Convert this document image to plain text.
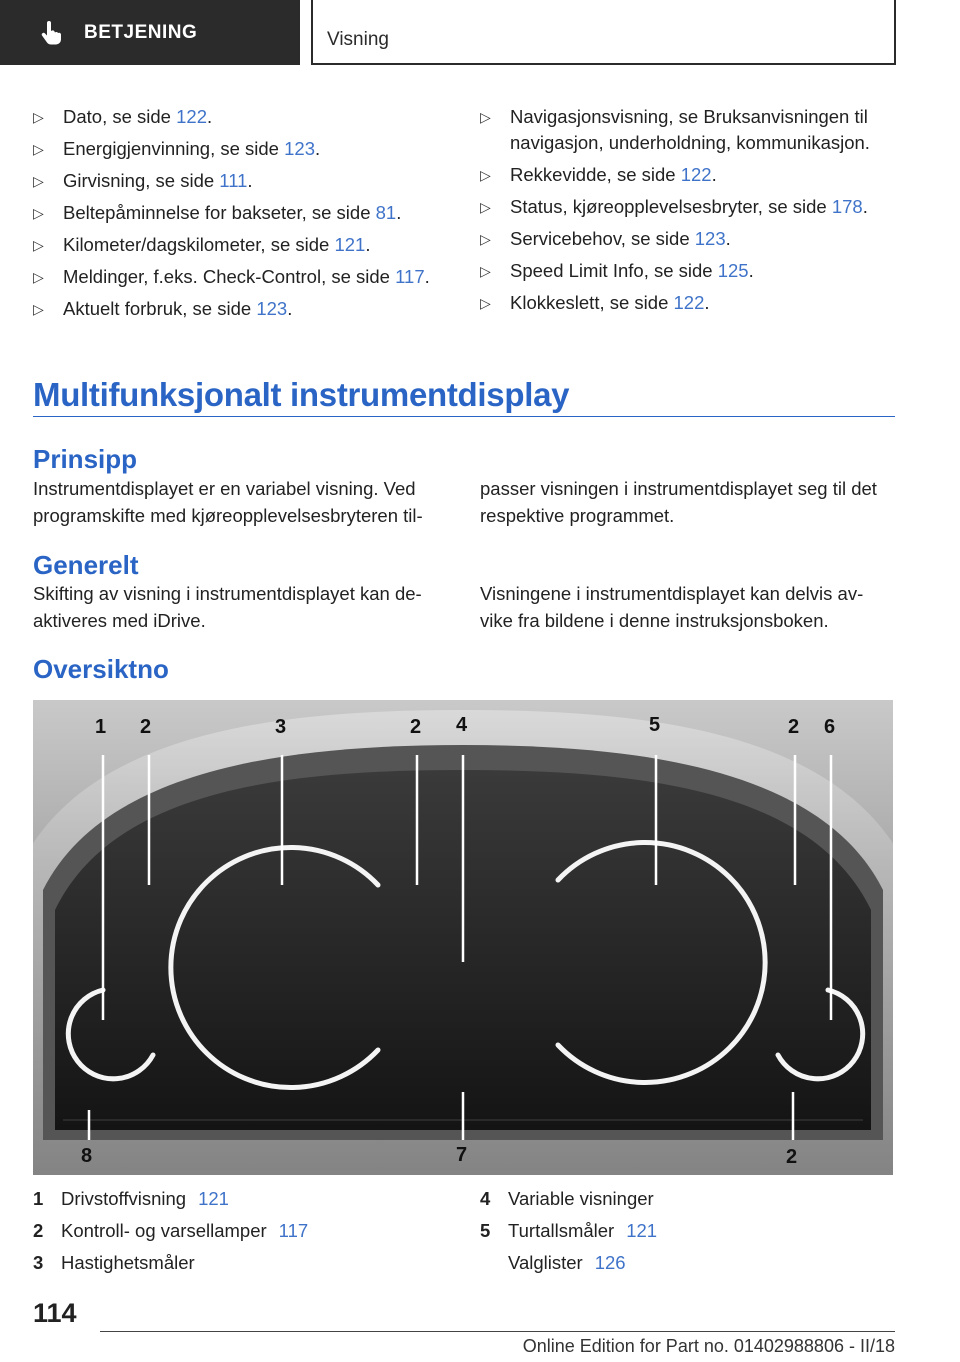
BETJENING	Visning
▷ Dato, se side 122.
▷ Energigjenvinning, se side 123.
▷ Girvisning, se side 111.
▷ Beltepåminnelse for bakseter, se side 81.
▷ Kilometer/dagskilometer, se side 121.
▷ Meldinger, f.eks. Check-Control, se side 117.
▷ Aktuelt forbruk, se side 123.
▷ Navigasjonsvisning, se Bruksanvisningen til
navigasjon, underholdning, kommunikasjon.
▷ Rekkevidde, se side 122.
▷ Status, kjøreopplevelsesbryter, se side 178.
▷ Servicebehov, se side 123.
▷ Speed Limit Info, se side 125.
▷ Klokkeslett, se side 122.
Multifunksjonalt instrumentdisplay
Prinsipp
Instrumentdisplayet er en variabel visning. Ved
programskifte med kjøreopplevelsesbryteren til-
passer visningen i instrumentdisplayet seg til det
respektive programmet.
Generelt
Skifting av visning i instrumentdisplayet kan de-
aktiveres med iDrive.
Visningene i instrumentdisplayet kan delvis av-
vike fra bildene i denne instruksjonsboken.
Oversiktno
1 2	3	2 4	5	2 6
8	7	2
1 Drivstoffvisning 121
2 Kontroll- og varsellamper 117
3 Hastighetsmåler
4 Variable visninger
5 Turtallsmåler 121
Valglister 126
114
Online Edition for Part no. 01402988806 - II/18
